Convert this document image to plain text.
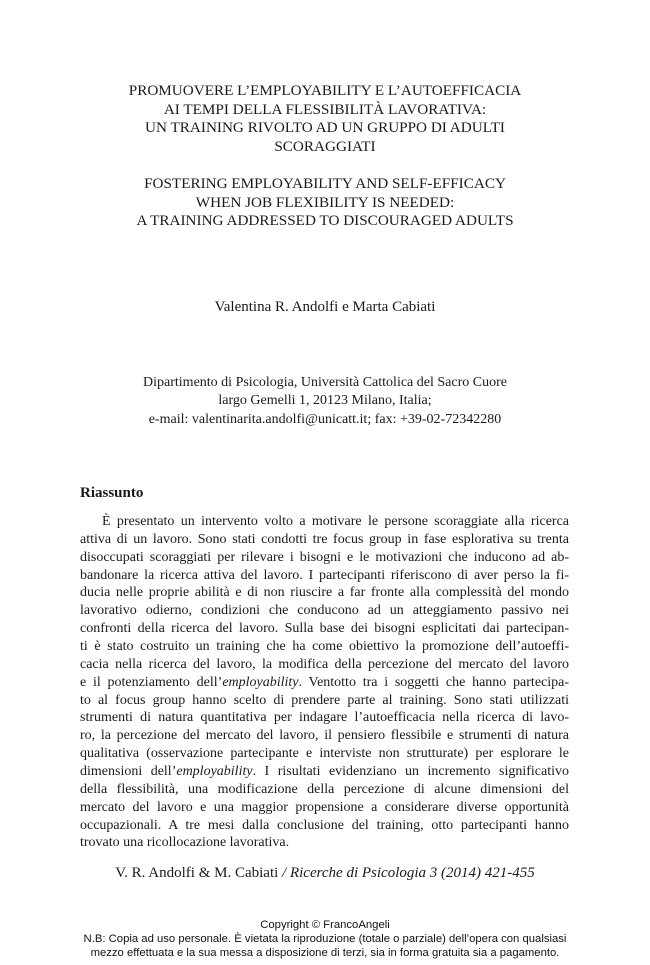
PROMUOVERE L’EMPLOYABILITY E L’AUTOEFFICACIA
AI TEMPI DELLA FLESSIBILITÀ LAVORATIVA:
UN TRAINING RIVOLTO AD UN GRUPPO DI ADULTI
SCORAGGIATI
FOSTERING EMPLOYABILITY AND SELF-EFFICACY
WHEN JOB FLEXIBILITY IS NEEDED:
A TRAINING ADDRESSED TO DISCOURAGED ADULTS
Valentina R. Andolfi e Marta Cabiati
Dipartimento di Psicologia, Università Cattolica del Sacro Cuore
largo Gemelli 1, 20123 Milano, Italia;
e-mail: valentinarita.andolfi@unicatt.it; fax: +39-02-72342280
Riassunto
È presentato un intervento volto a motivare le persone scoraggiate alla ricerca
attiva di un lavoro. Sono stati condotti tre focus group in fase esplorativa su trenta
disoccupati scoraggiati per rilevare i bisogni e le motivazioni che inducono ad ab-
bandonare la ricerca attiva del lavoro. I partecipanti riferiscono di aver perso la fi-
ducia nelle proprie abilità e di non riuscire a far fronte alla complessità del mondo
lavorativo odierno, condizioni che conducono ad un atteggiamento passivo nei
confronti della ricerca del lavoro. Sulla base dei bisogni esplicitati dai partecipan-
ti è stato costruito un training che ha come obiettivo la promozione dell’autoeffi-
cacia nella ricerca del lavoro, la modifica della percezione del mercato del lavoro
e il potenziamento dell’employability. Ventotto tra i soggetti che hanno partecipa-
to al focus group hanno scelto di prendere parte al training. Sono stati utilizzati
strumenti di natura quantitativa per indagare l’autoefficacia nella ricerca di lavo-
ro, la percezione del mercato del lavoro, il pensiero flessibile e strumenti di natura
qualitativa (osservazione partecipante e interviste non strutturate) per esplorare le
dimensioni dell’employability. I risultati evidenziano un incremento significativo
della flessibilità, una modificazione della percezione di alcune dimensioni del
mercato del lavoro e una maggior propensione a considerare diverse opportunità
occupazionali. A tre mesi dalla conclusione del training, otto partecipanti hanno
trovato una ricollocazione lavorativa.
V. R. Andolfi & M. Cabiati / Ricerche di Psicologia 3 (2014) 421-455
Copyright © FrancoAngeli
N.B: Copia ad uso personale. È vietata la riproduzione (totale o parziale) dell’opera con qualsiasi
mezzo effettuata e la sua messa a disposizione di terzi, sia in forma gratuita sia a pagamento.
